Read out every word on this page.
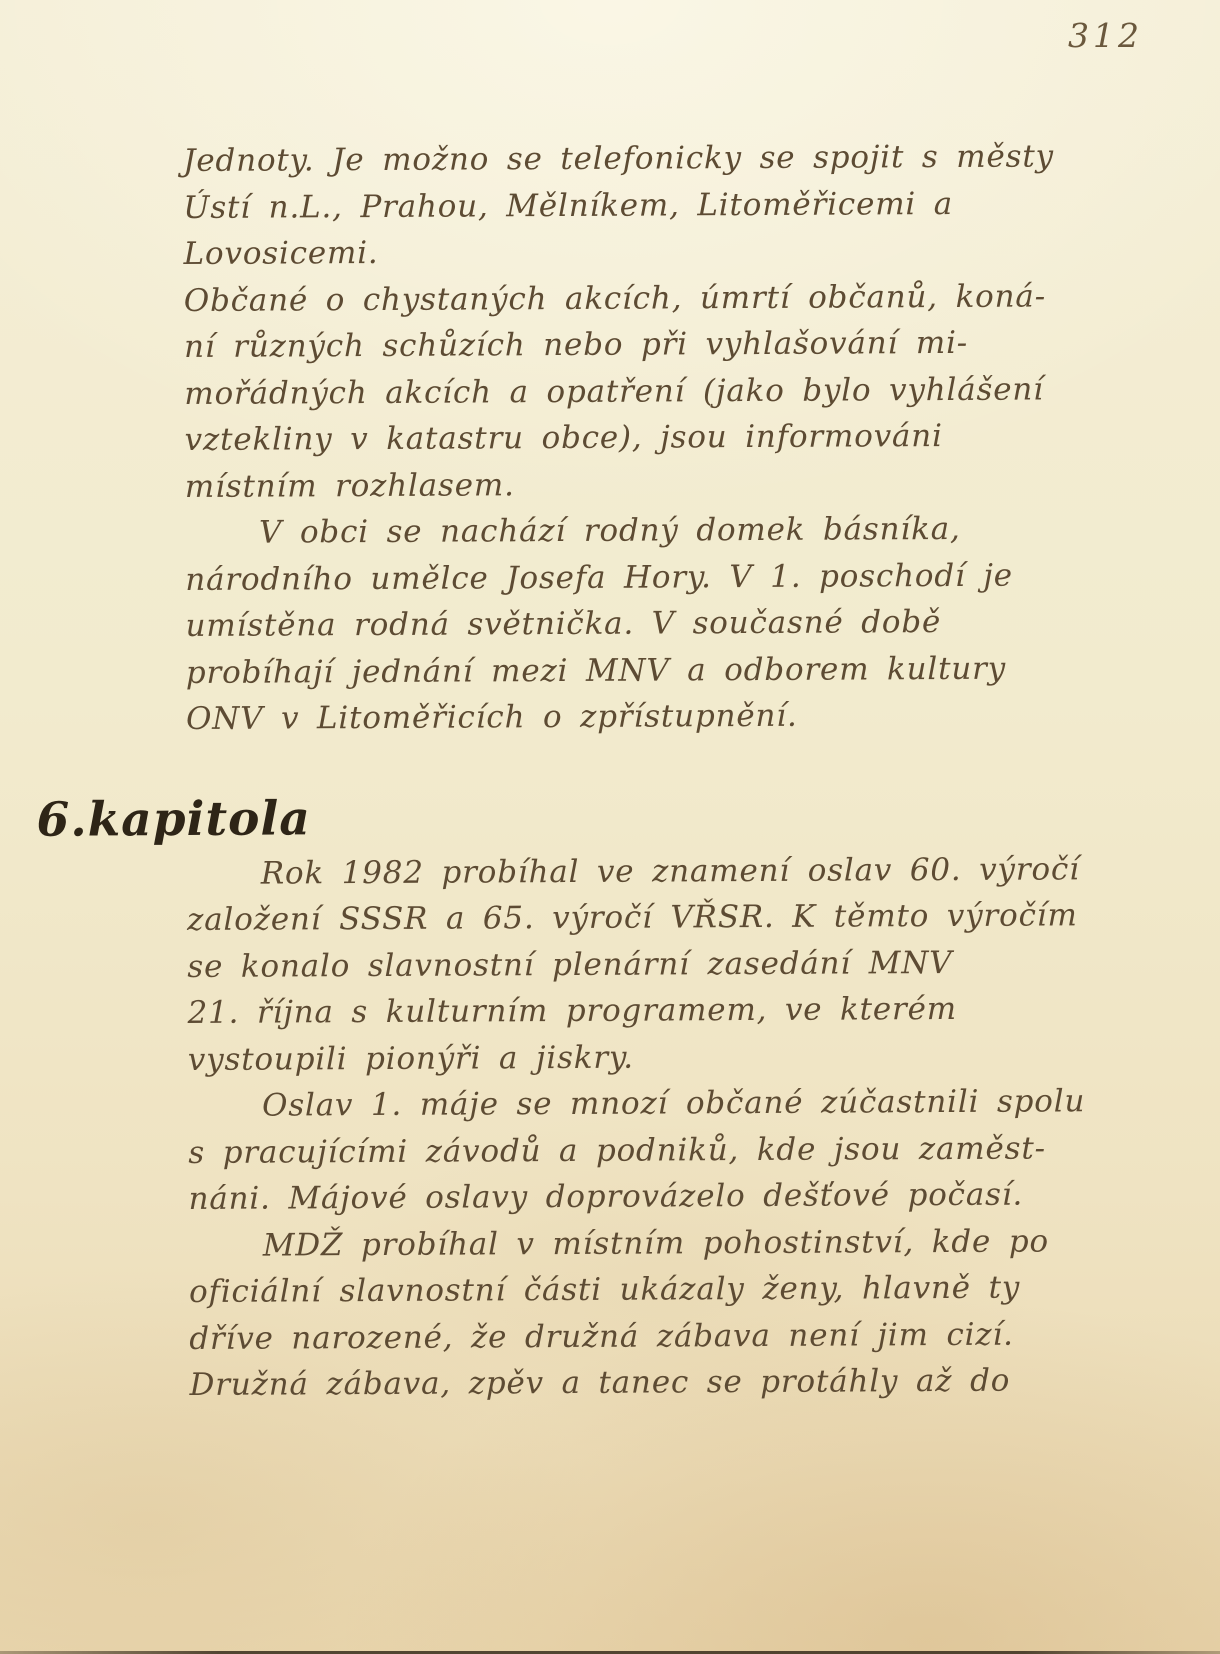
312
Jednoty. Je možno se telefonicky se spojit s městy
Ústí n.L., Prahou, Mělníkem, Litoměřicemi a
Lovosicemi.
Občané o chystaných akcích, úmrtí občanů, koná-
ní různých schůzích nebo při vyhlašování mi-
mořádných akcích a opatření (jako bylo vyhlášení
vztekliny v katastru obce), jsou informováni
místním rozhlasem.
V obci se nachází rodný domek básníka,
národního umělce Josefa Hory. V 1. poschodí je
umístěna rodná světnička. V současné době
probíhají jednání mezi MNV a odborem kultury
ONV v Litoměřicích o zpřístupnění.
6.kapitola
Rok 1982 probíhal ve znamení oslav 60. výročí
založení SSSR a 65. výročí VŘSR. K těmto výročím
se konalo slavnostní plenární zasedání MNV
21. října s kulturním programem, ve kterém
vystoupili pionýři a jiskry.
Oslav 1. máje se mnozí občané zúčastnili spolu
s pracujícími závodů a podniků, kde jsou zaměst-
náni. Májové oslavy doprovázelo dešťové počasí.
MDŽ probíhal v místním pohostinství, kde po
oficiální slavnostní části ukázaly ženy, hlavně ty
dříve narozené, že družná zábava není jim cizí.
Družná zábava, zpěv a tanec se protáhly až do
